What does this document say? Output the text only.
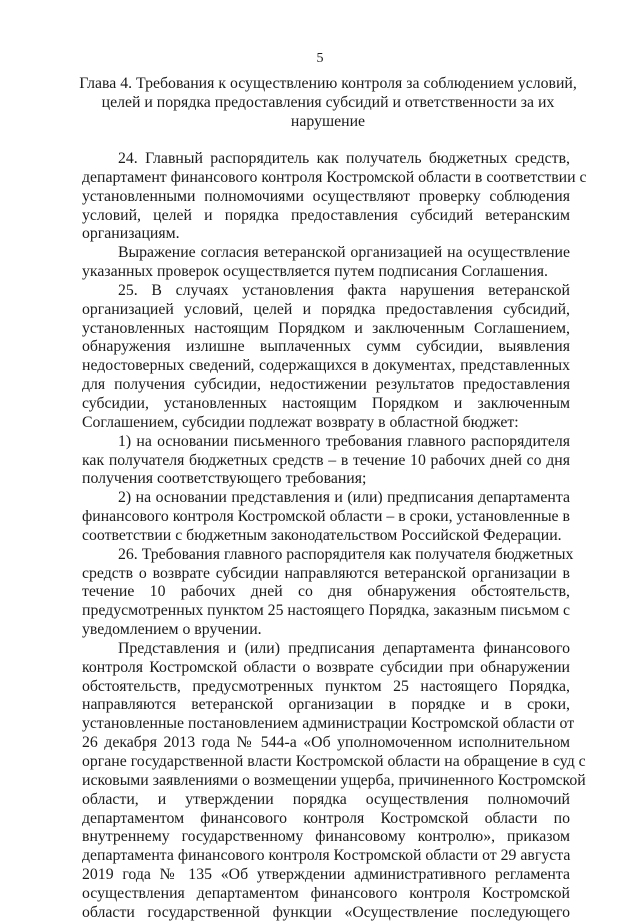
5
Глава 4. Требования к осуществлению контроля за соблюдением условий,
целей и порядка предоставления субсидий и ответственности за их
нарушение
24. Главный распорядитель как получатель бюджетных средств,
департамент финансового контроля Костромской области в соответствии с
установленными полномочиями осуществляют проверку соблюдения
условий, целей и порядка предоставления субсидий ветеранским
организациям.
Выражение согласия ветеранской организацией на осуществление
указанных проверок осуществляется путем подписания Соглашения.
25. В случаях установления факта нарушения ветеранской
организацией условий, целей и порядка предоставления субсидий,
установленных настоящим Порядком и заключенным Соглашением,
обнаружения излишне выплаченных сумм субсидии, выявления
недостоверных сведений, содержащихся в документах, представленных
для получения субсидии, недостижении результатов предоставления
субсидии, установленных настоящим Порядком и заключенным
Соглашением, субсидии подлежат возврату в областной бюджет:
1) на основании письменного требования главного распорядителя
как получателя бюджетных средств – в течение 10 рабочих дней со дня
получения соответствующего требования;
2) на основании представления и (или) предписания департамента
финансового контроля Костромской области – в сроки, установленные в
соответствии с бюджетным законодательством Российской Федерации.
26. Требования главного распорядителя как получателя бюджетных
средств о возврате субсидии направляются ветеранской организации в
течение 10 рабочих дней со дня обнаружения обстоятельств,
предусмотренных пунктом 25 настоящего Порядка, заказным письмом с
уведомлением о вручении.
Представления и (или) предписания департамента финансового
контроля Костромской области о возврате субсидии при обнаружении
обстоятельств, предусмотренных пунктом 25 настоящего Порядка,
направляются ветеранской организации в порядке и в сроки,
установленные постановлением администрации Костромской области от
26 декабря 2013 года № 544-а «Об уполномоченном исполнительном
органе государственной власти Костромской области на обращение в суд с
исковыми заявлениями о возмещении ущерба, причиненного Костромской
области, и утверждении порядка осуществления полномочий
департаментом финансового контроля Костромской области по
внутреннему государственному финансовому контролю», приказом
департамента финансового контроля Костромской области от 29 августа
2019 года № 135 «Об утверждении административного регламента
осуществления департаментом финансового контроля Костромской
области государственной функции «Осуществление последующего
